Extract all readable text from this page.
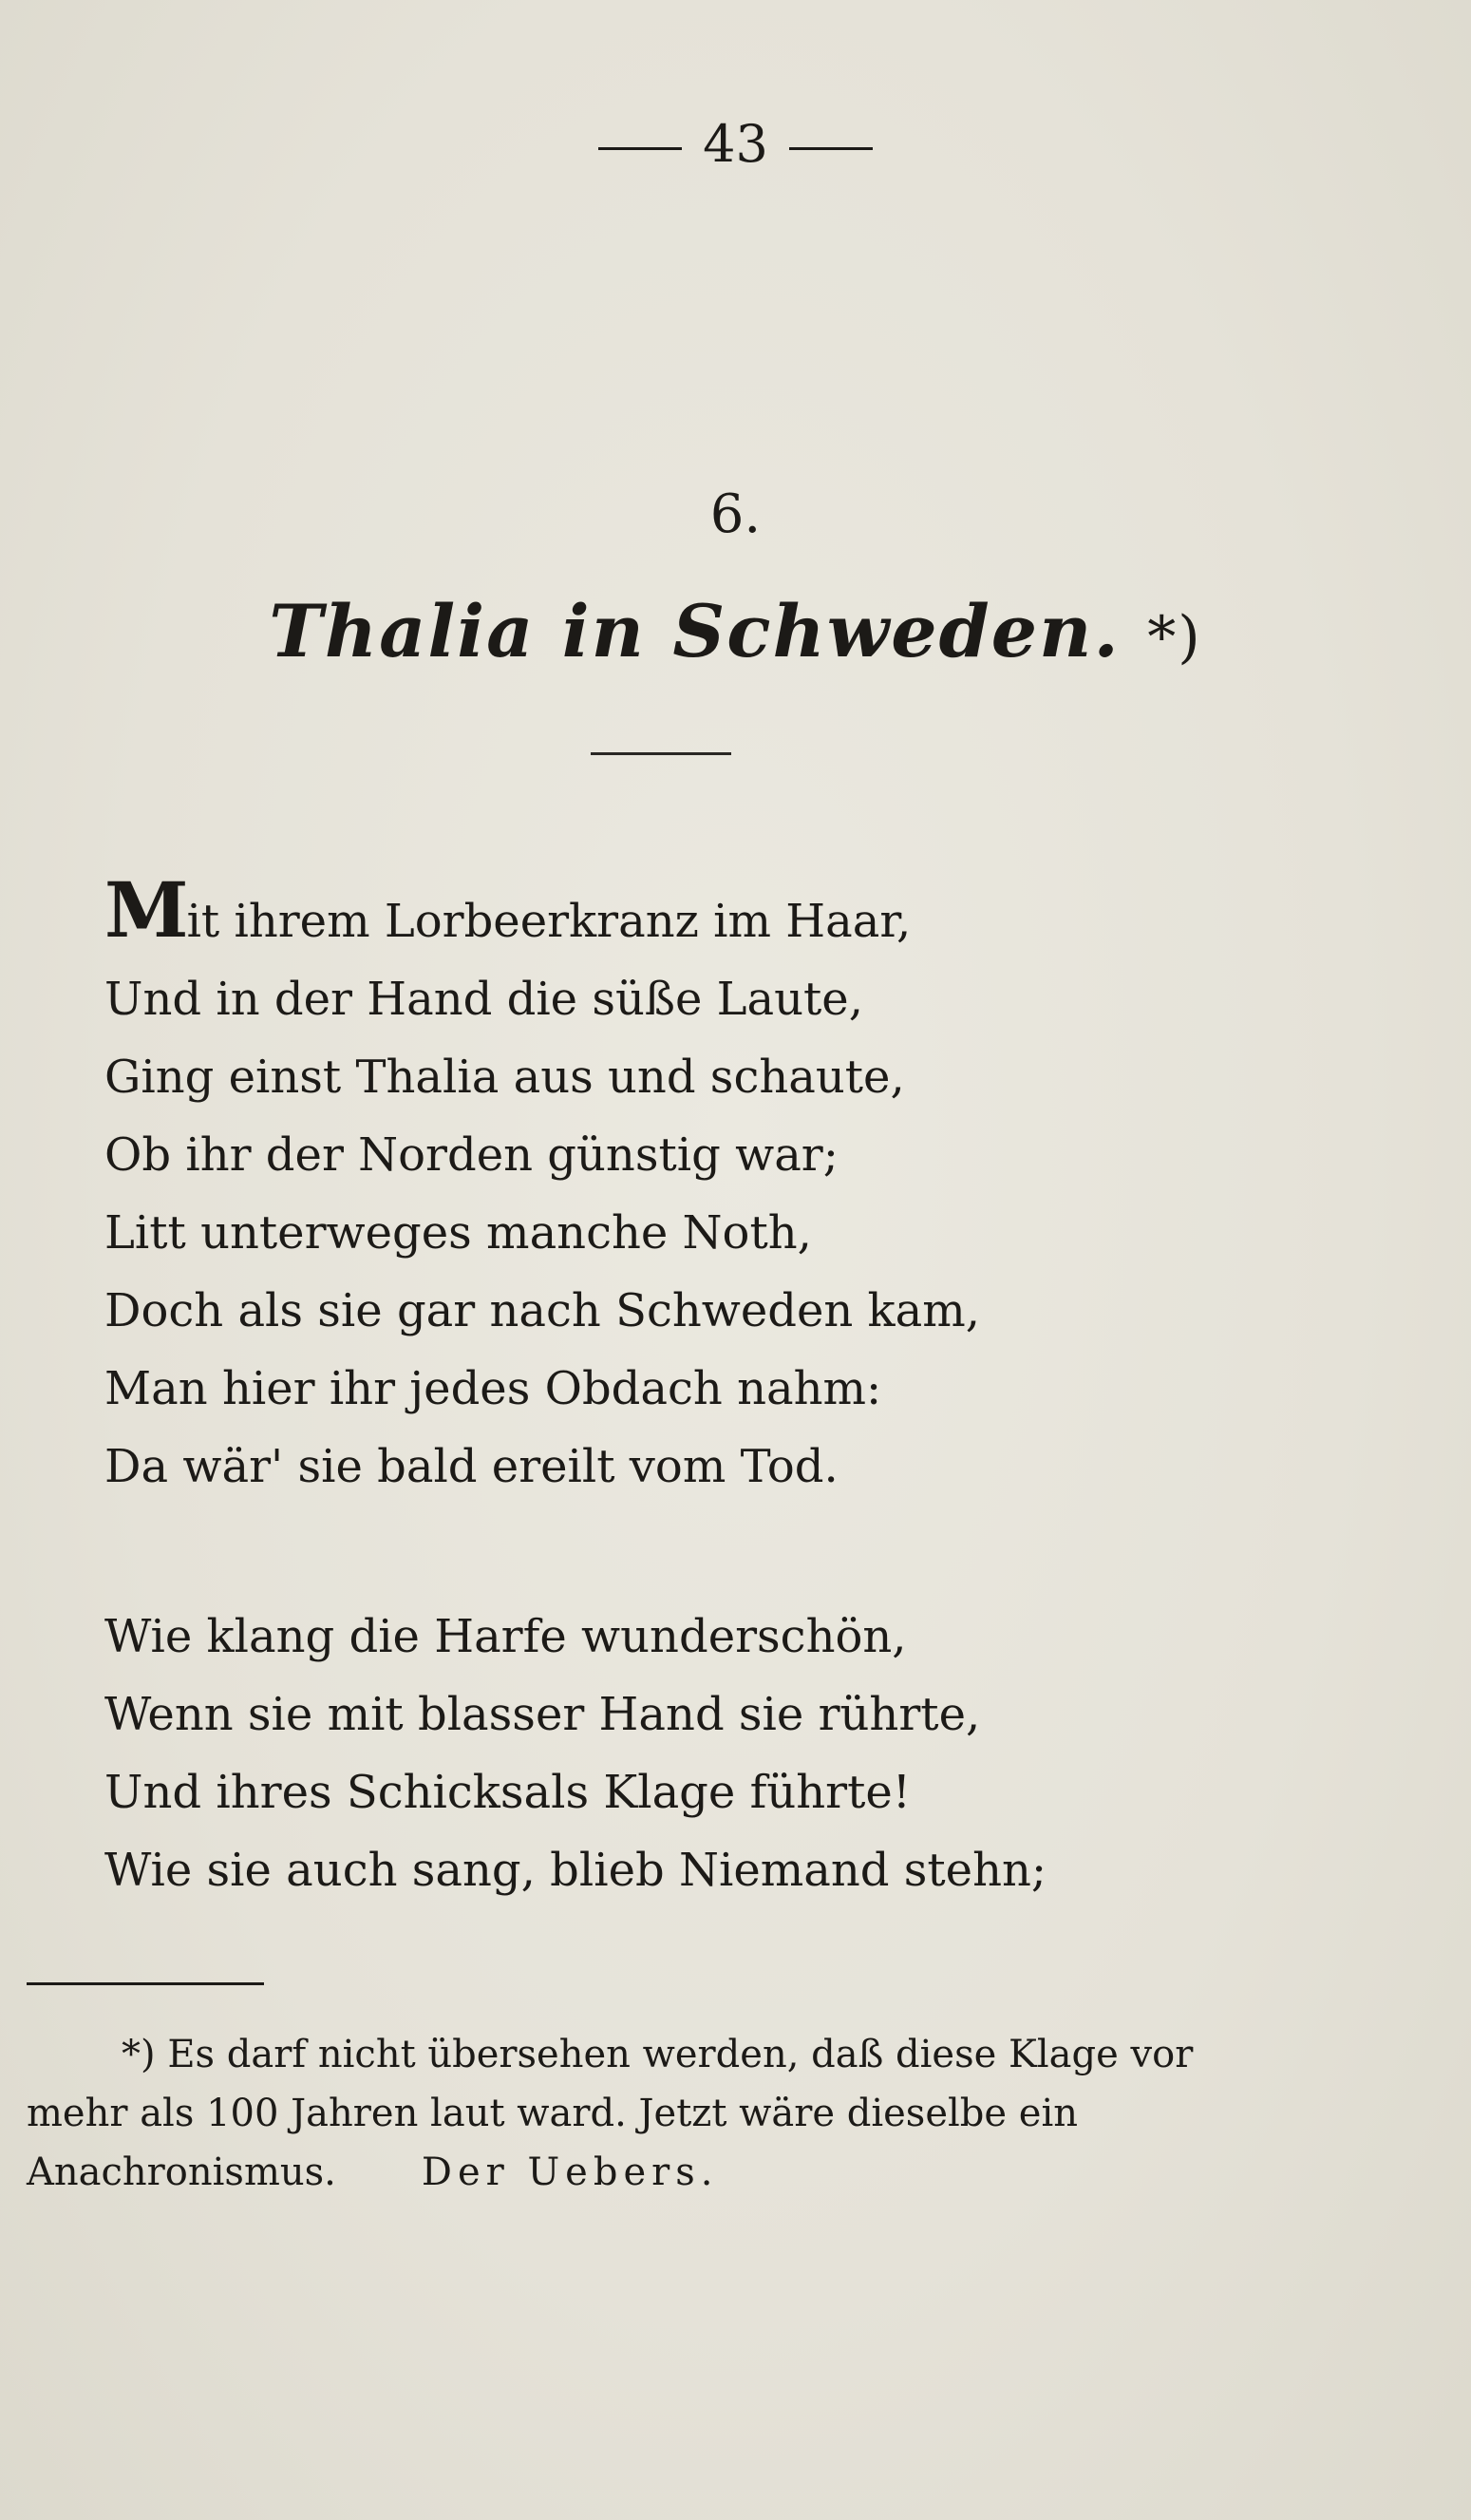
43
6.
Thalia in Schweden. *)
Mit ihrem Lorbeerkranz im Haar,
Und in der Hand die süße Laute,
Ging einst Thalia aus und schaute,
Ob ihr der Norden günstig war;
Litt unterweges manche Noth,
Doch als sie gar nach Schweden kam,
Man hier ihr jedes Obdach nahm:
Da wär' sie bald ereilt vom Tod.
Wie klang die Harfe wunderschön,
Wenn sie mit blasser Hand sie rührte,
Und ihres Schicksals Klage führte!
Wie sie auch sang, blieb Niemand stehn;
*) Es darf nicht übersehen werden, daß diese Klage vor
mehr als 100 Jahren laut ward. Jetzt wäre dieselbe ein
Anachronismus. Der Uebers.
